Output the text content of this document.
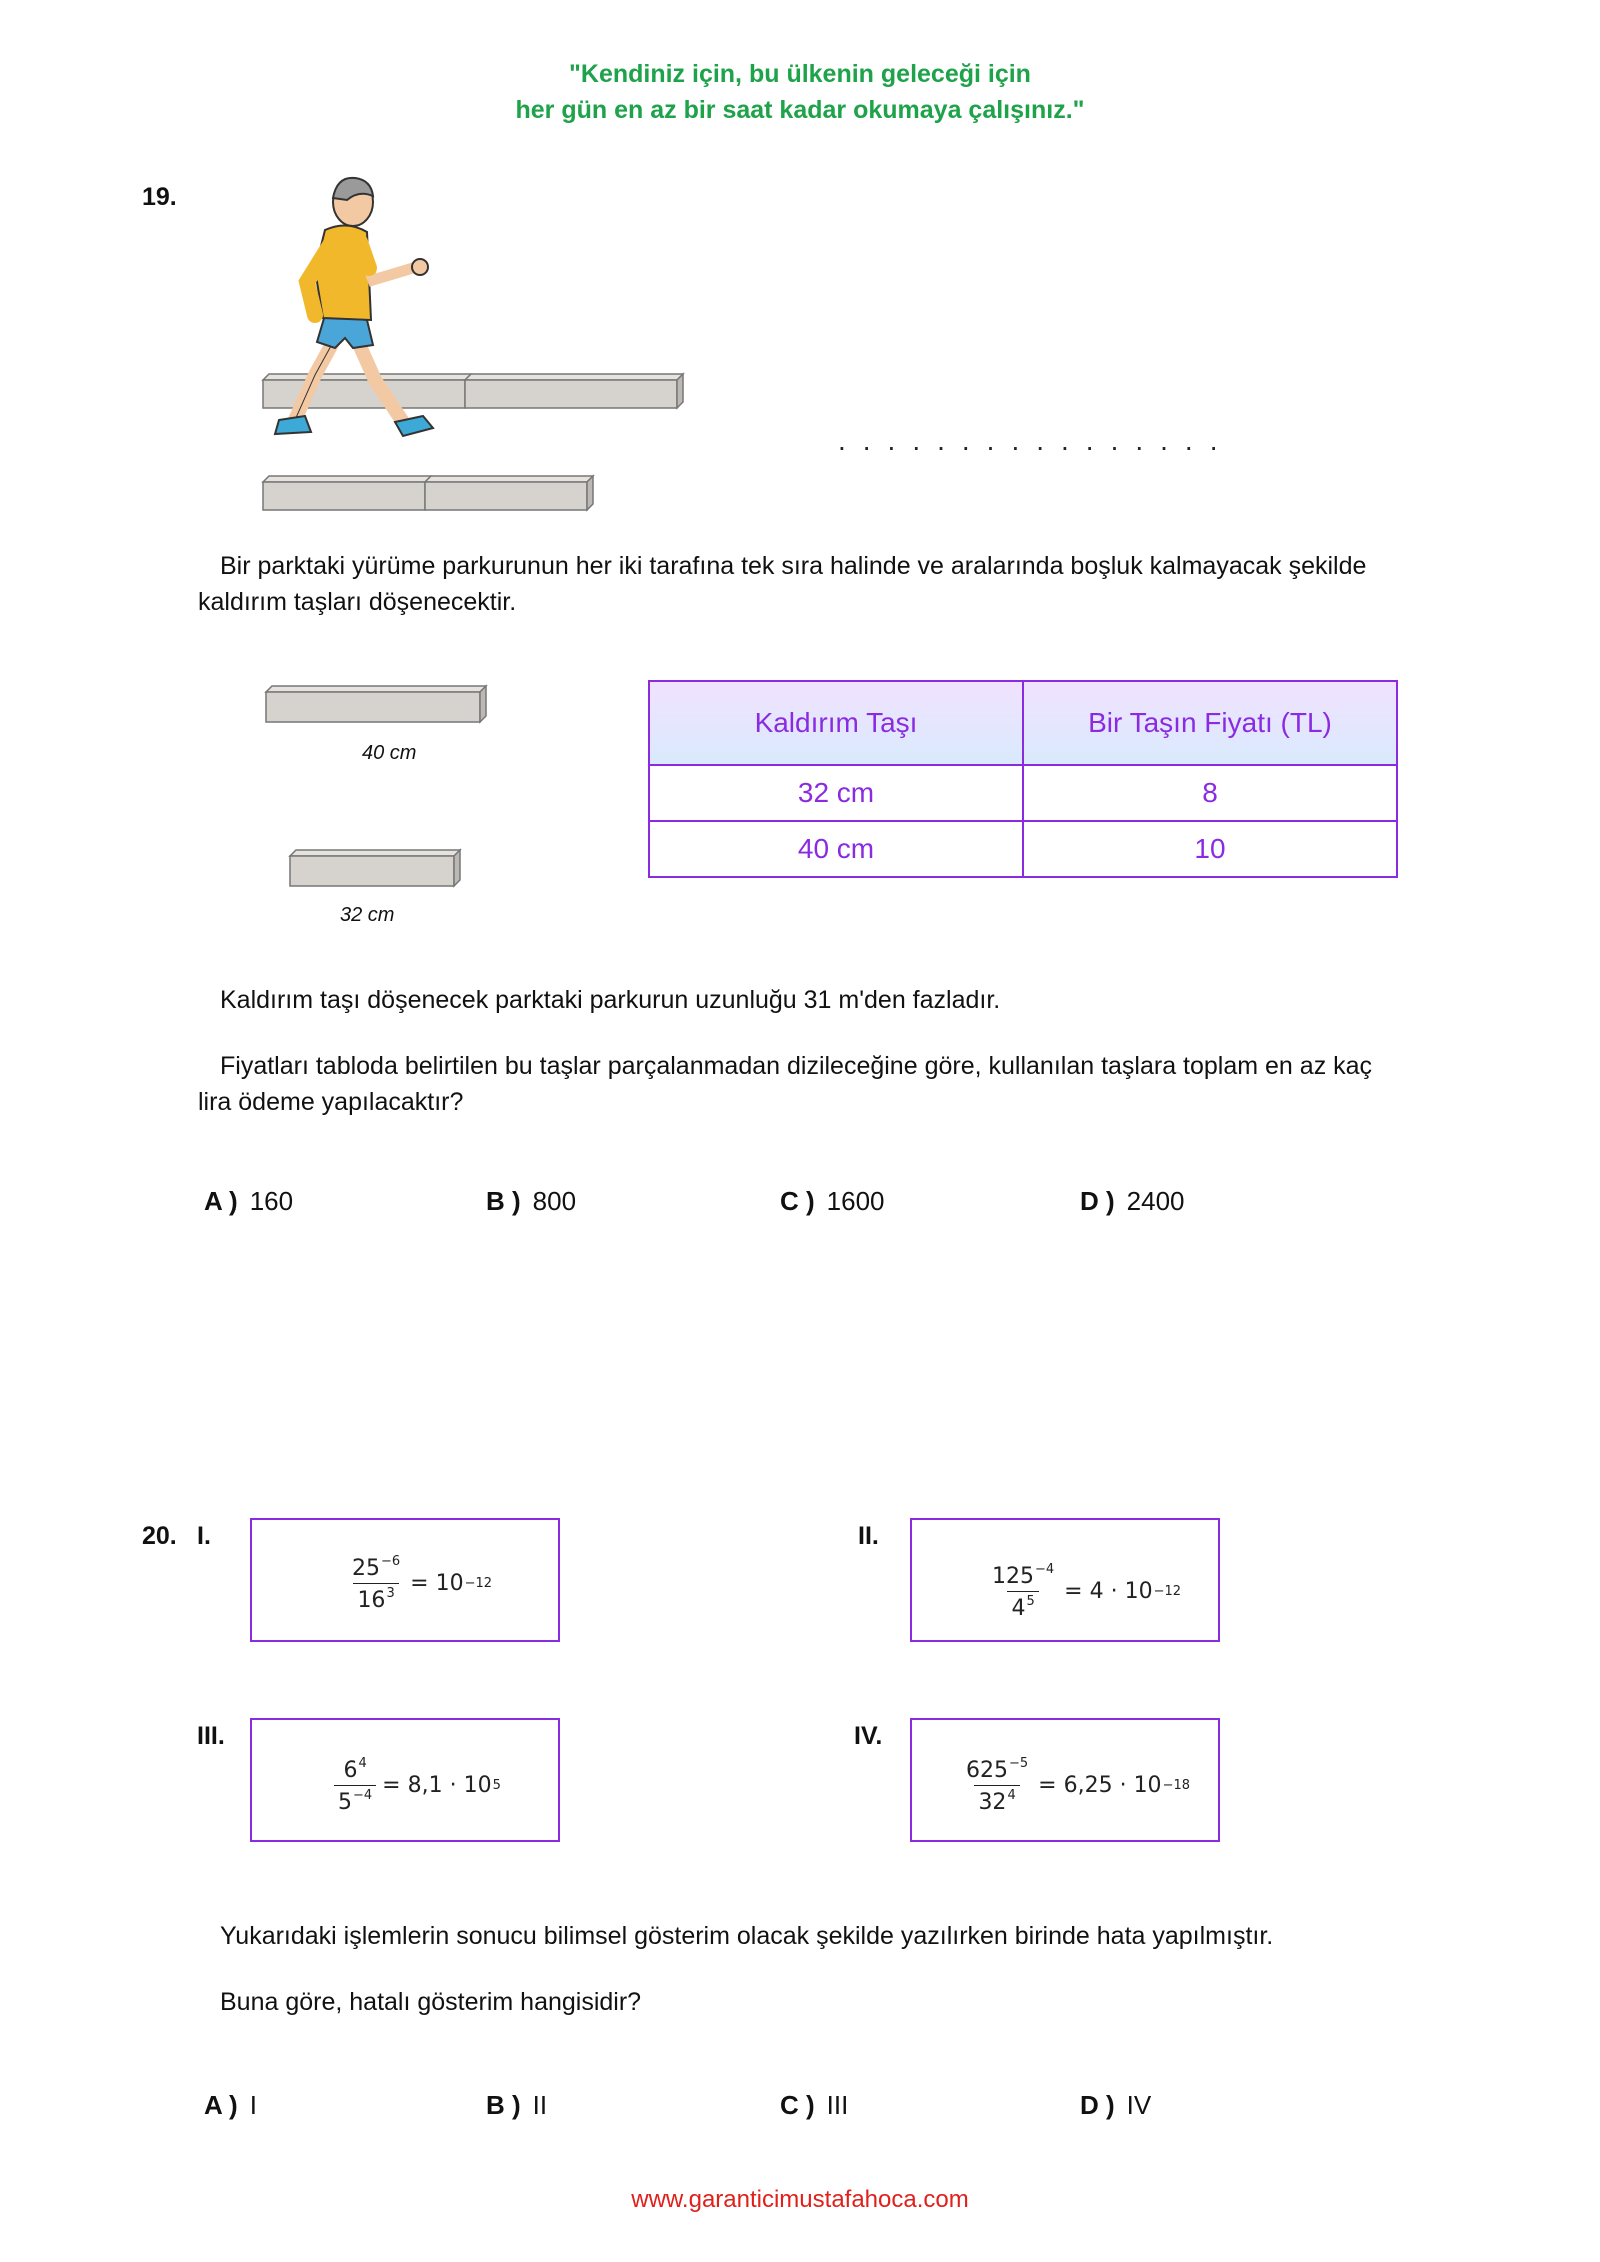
"Kendiniz için, bu ülkenin geleceği için
her gün en az bir saat kadar okumaya çalışınız."
19.
................
Bir parktaki yürüme parkurunun her iki tarafına tek sıra halinde ve aralarında boşluk kalmayacak şekilde kaldırım taşları döşenecektir.
40 cm
32 cm
Kaldırım Taşı	Bir Taşın Fiyatı (TL)
32 cm	8
40 cm	10
Kaldırım taşı döşenecek parktaki parkurun uzunluğu 31 m'den fazladır.
Fiyatları tabloda belirtilen bu taşlar parçalanmadan dizileceğine göre, kullanılan taşlara toplam en az kaç lira ödeme yapılacaktır?
A ) 160	B ) 800	C ) 1600	D ) 2400
20. I.
$\frac{25^{-6}}{16^3} = 10 -12$
II.
$\frac{125^{-4}}{4^5} = 4 \cdot 10 -12$
III.
$\frac{6^4}{5^{-4}} = 8,1 \cdot 10$ 5
IV.
$\frac{625^{-5}}{32^4} = 6,25 \cdot 10 -18$
Yukarıdaki işlemlerin sonucu bilimsel gösterim olacak şekilde yazılırken birinde hata yapılmıştır.
Buna göre, hatalı gösterim hangisidir?
A ) I	B ) II	C ) III	D ) IV
www.garanticimustafahoca.com
